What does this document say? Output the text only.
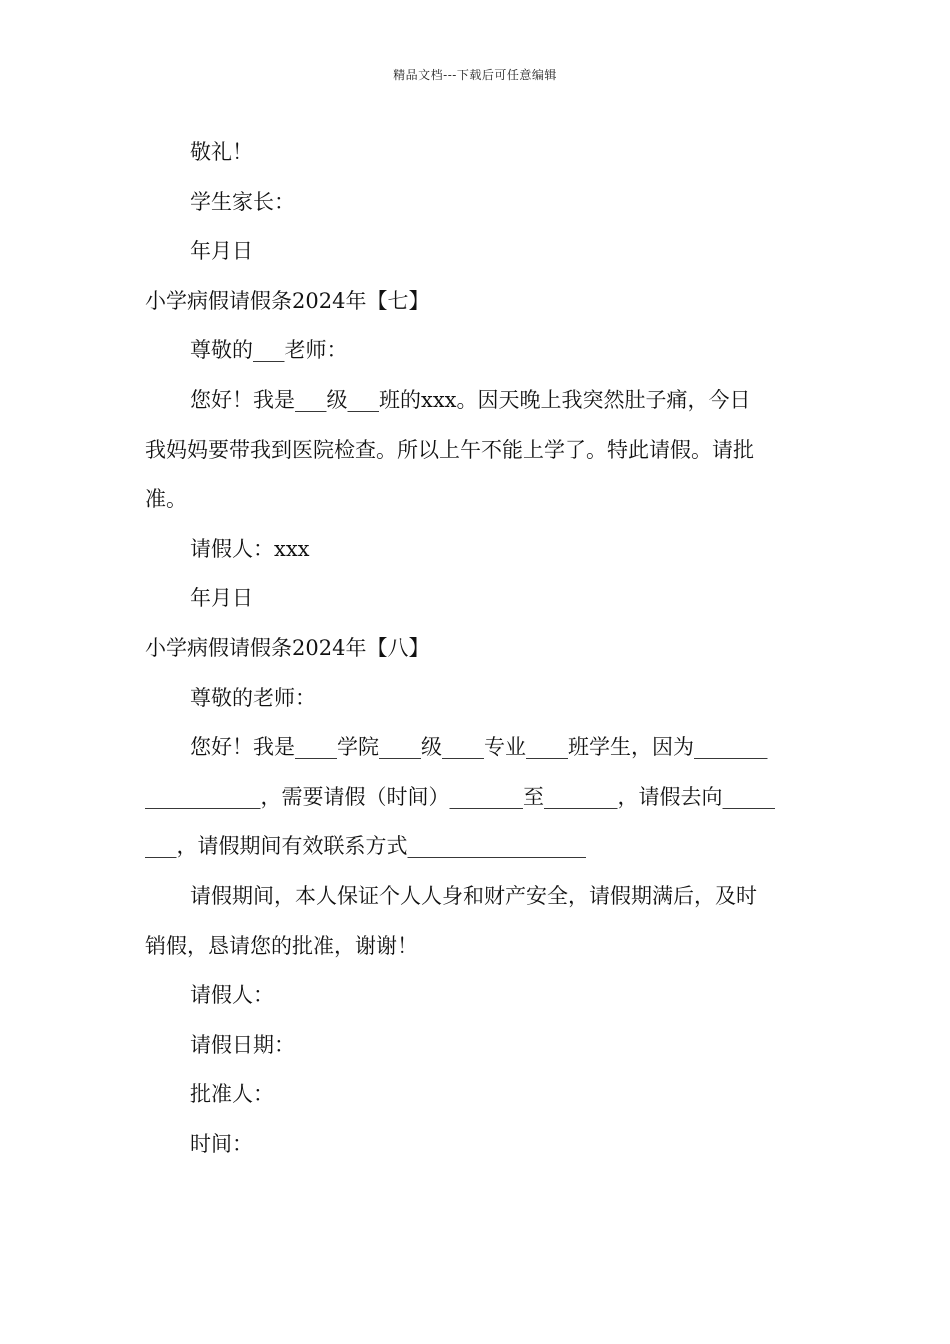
精品文档---下载后可任意编辑
敬礼！
学生家长：
年月日
小学病假请假条2024年【七】
尊敬的___老师：
您好！我是___级___班的xxx。因天晚上我突然肚子痛，今日
我妈妈要带我到医院检查。所以上午不能上学了。特此请假。请批
准。
请假人：xxx
年月日
小学病假请假条2024年【八】
尊敬的老师：
您好！我是____学院____级____专业____班学生，因为_______
___________，需要请假（时间）_______至_______，请假去向_____
___，请假期间有效联系方式_________________
请假期间，本人保证个人人身和财产安全，请假期满后，及时
销假，恳请您的批准，谢谢！
请假人：
请假日期：
批准人：
时间：
